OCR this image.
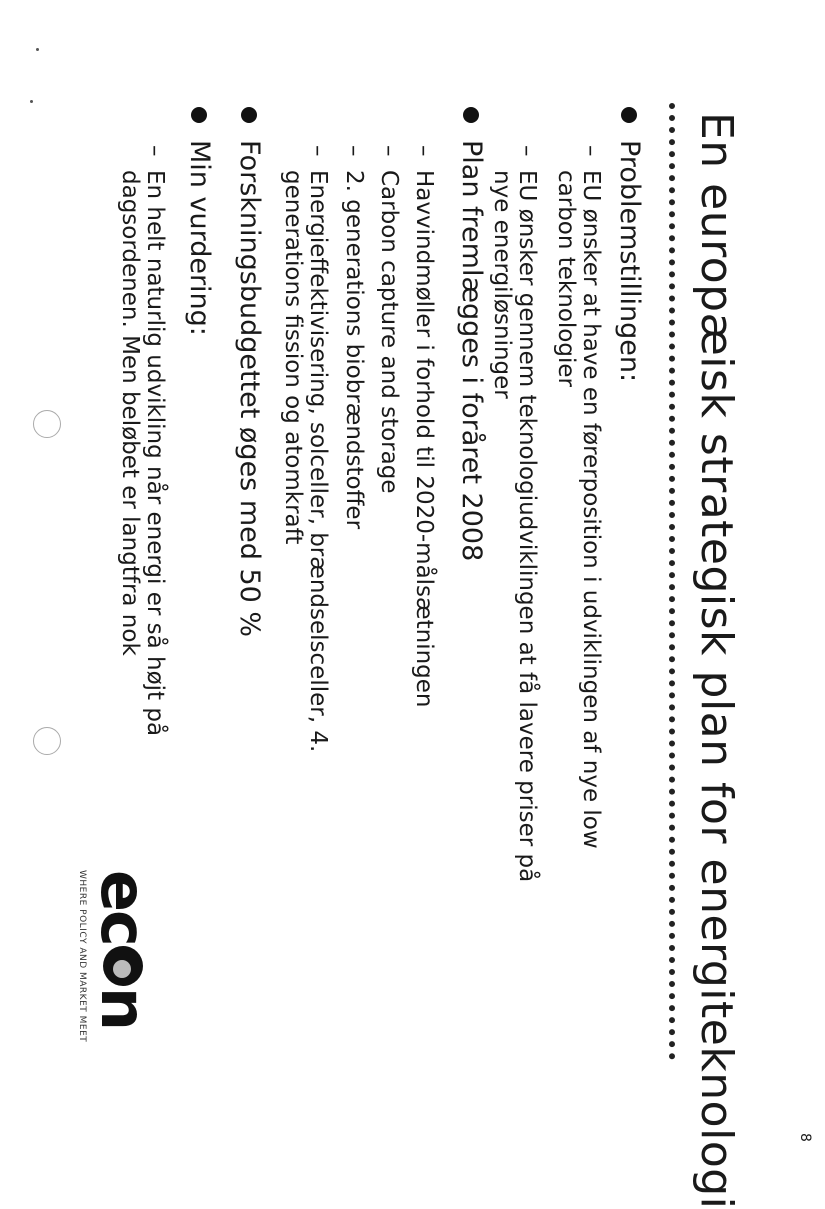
En europæisk strategisk plan for energiteknologi
Problemstillingen:
–
EU ønsker at have en førerposition i udviklingen af nye low
carbon teknologier
–
EU ønsker gennem teknologiudviklingen at få lavere priser på
nye energiløsninger
Plan fremlægges i foråret 2008
–
Havvindmøller i forhold til 2020-målsætningen
–
Carbon capture and storage
–
2. generations biobrændstoffer
–
Energieffektivisering, solceller, brændselsceller, 4.
generations fission og atomkraft
Forskningsbudgettet øges med 50 %
Min vurdering:
–
En helt naturlig udvikling når energi er så højt på
dagsordenen. Men beløbet er langtfra nok
ec
n
WHERE POLICY AND MARKET MEET
8
